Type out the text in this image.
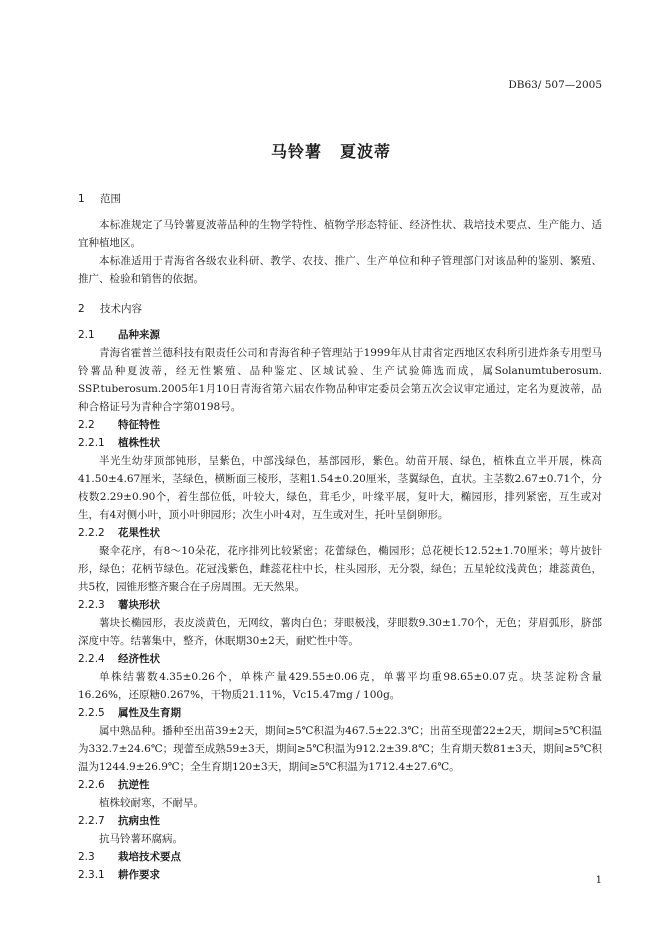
DB63/ 507—2005
马铃薯 夏波蒂
1 范围

本标准规定了马铃薯夏波蒂品种的生物学特性、植物学形态特征、经济性状、栽培技术要点、生产能力、适宜种植地区。

本标准适用于青海省各级农业科研、教学、农技、推广、生产单位和种子管理部门对该品种的鉴别、繁殖、推广、检验和销售的依据。

2 技术内容
2.1 品种来源

青海省霍普兰德科技有限责任公司和青海省种子管理站于1999年从甘肃省定西地区农科所引进炸条专用型马铃薯品种夏波蒂，经无性繁殖、品种鉴定、区域试验、生产试验筛选而成，属Solanumtuberosum. SSP.tuberosum.2005年1月10日青海省第六届农作物品种审定委员会第五次会议审定通过，定名为夏波蒂，品种合格证号为青种合字第0198号。

2.2 特征特性
2.2.1 植株性状

半光生幼芽顶部钝形，呈紫色，中部浅绿色，基部园形，紫色。幼苗开展、绿色，植株直立半开展，株高41.50±4.67厘米，茎绿色，横断面三棱形，茎粗1.54±0.20厘米，茎翼绿色，直状。主茎数2.67±0.71个，分枝数2.29±0.90个，着生部位低，叶较大，绿色，茸毛少，叶缘平展，复叶大，椭园形，排列紧密，互生或对生，有4对侧小叶，顶小叶卵园形；次生小叶4对，互生或对生，托叶呈倒卵形。

2.2.2 花果性状

聚伞花序，有8～10朵花，花序排列比较紧密；花蕾绿色，椭园形；总花梗长12.52±1.70厘米；萼片披针形，绿色；花柄节绿色。花冠浅紫色，雌蕊花柱中长，柱头园形，无分裂，绿色；五星轮纹浅黄色；雄蕊黄色，共5枚，园锥形整齐聚合在子房周围。无天然果。

2.2.3 薯块形状

薯块长椭园形，表皮淡黄色，无网纹，薯肉白色；芽眼极浅，芽眼数9.30±1.70个，无色；芽眉弧形，脐部深度中等。结薯集中，整齐，休眠期30±2天，耐贮性中等。

2.2.4 经济性状

单株结薯数4.35±0.26个，单株产量429.55±0.06克，单薯平均重98.65±0.07克。块茎淀粉含量16.26%，还原糖0.267%，干物质21.11%，Vc15.47mg / 100g。

2.2.5 属性及生育期

属中熟品种。播种至出苗39±2天，期间≥5℃积温为467.5±22.3℃；出苗至现蕾22±2天，期间≥5℃积温为332.7±24.6℃；现蕾至成熟59±3天，期间≥5℃积温为912.2±39.8℃；生育期天数81±3天，期间≥5℃积温为1244.9±26.9℃；全生育期120±3天，期间≥5℃积温为1712.4±27.6℃。

2.2.6 抗逆性

植株较耐寒，不耐旱。

2.2.7 抗病虫性

抗马铃薯环腐病。

2.3 栽培技术要点
2.3.1 耕作要求	1
